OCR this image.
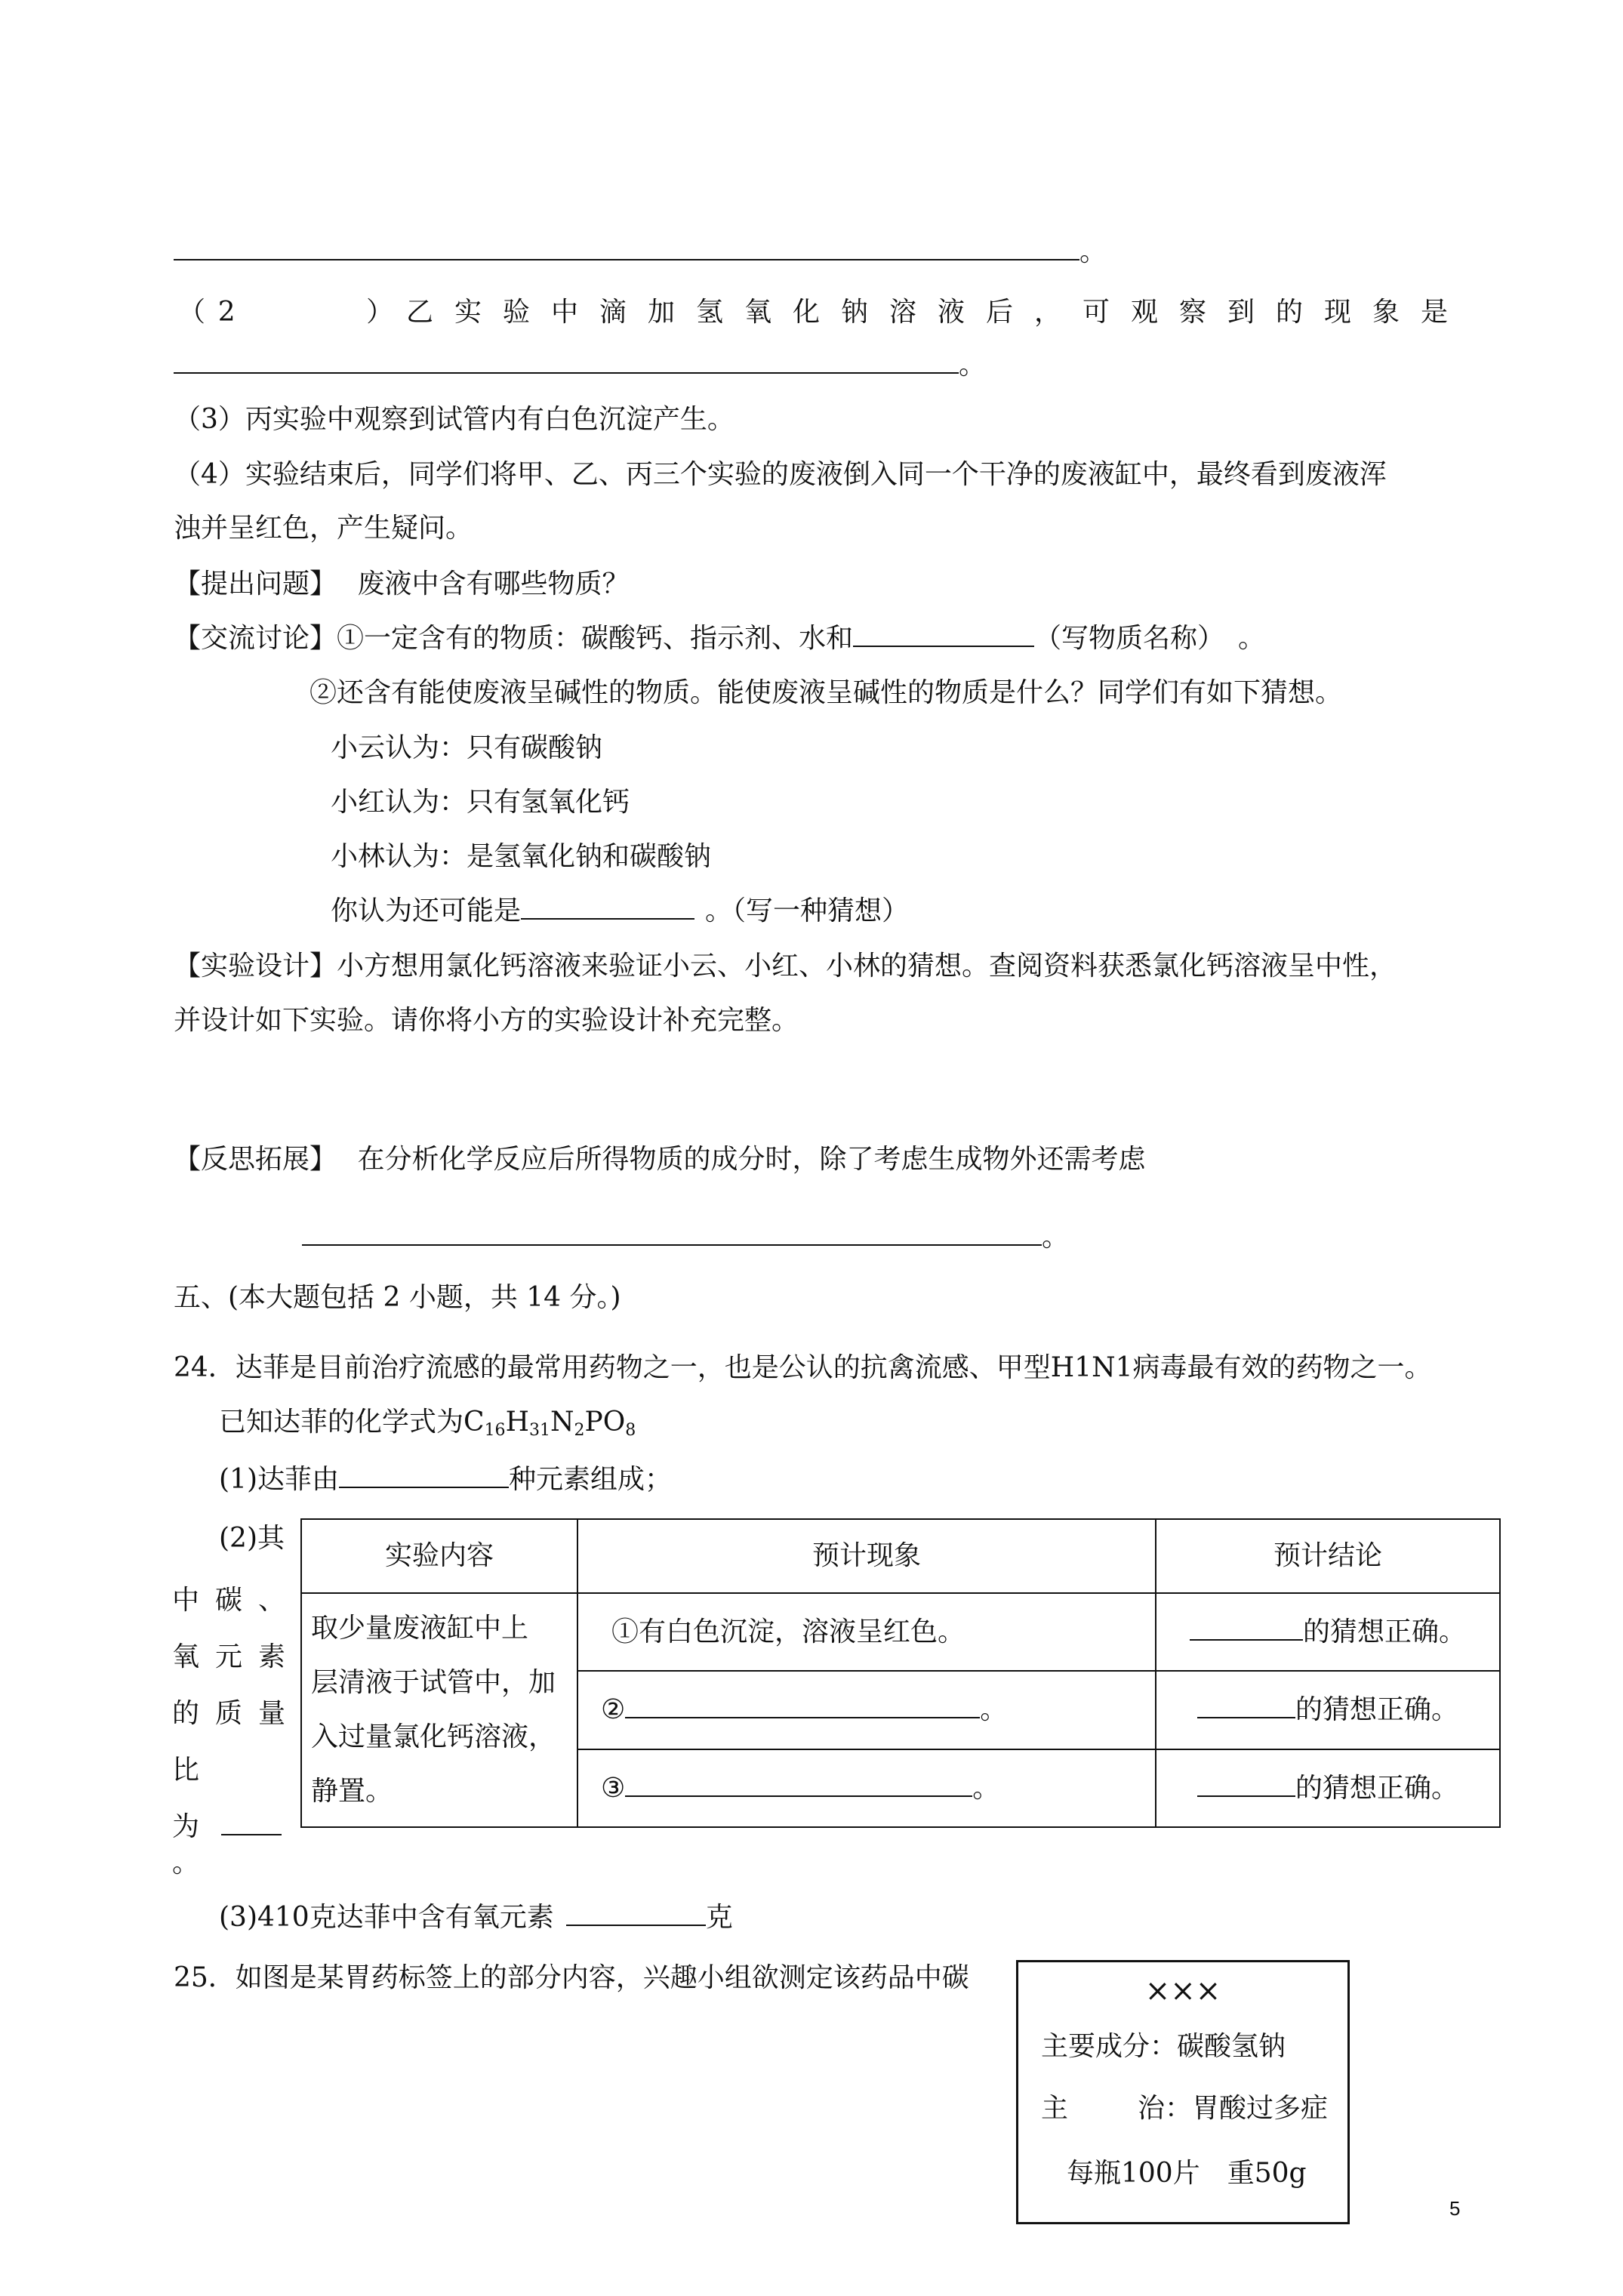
。
（ 2	） 乙实验中滴加氢氧化钠溶液后，可观察到的现象是
。
（3）丙实验中观察到试管内有白色沉淀产生。
（4）实验结束后，同学们将甲、乙、丙三个实验的废液倒入同一个干净的废液缸中，最终看到废液浑
浊并呈红色，产生疑问。
【提出问题】 废液中含有哪些物质？
【交流讨论】①一定含有的物质：碳酸钙、指示剂、水和	（写物质名称） 。
②还含有能使废液呈碱性的物质。能使废液呈碱性的物质是什么？同学们有如下猜想。
小云认为：只有碳酸钠
小红认为：只有氢氧化钙
小林认为：是氢氧化钠和碳酸钠
你认为还可能是	。（写一种猜想）
【实验设计】小方想用氯化钙溶液来验证小云、小红、小林的猜想。查阅资料获悉氯化钙溶液呈中性，
并设计如下实验。请你将小方的实验设计补充完整。
【反思拓展】 在分析化学反应后所得物质的成分时，除了考虑生成物外还需考虑
。
五、(本大题包括 2 小题，共 14 分。)
24．达菲是目前治疗流感的最常用药物之一，也是公认的抗禽流感、甲型H1N1病毒最有效的药物之一。
已知达菲的化学式为$C_{16}H_{31}N_2PO_8$
(1)达菲由	种元素组成；
(2)其
中 碳 、
氧 元 素
的 质 量
比
为
。
实验内容	预计现象	预计结论

取少量废液缸中上
层清液于试管中，加
入过量氯化钙溶液，
静置。	①有白色沉淀，溶液呈红色。	的猜想正确。
	② 。	的猜想正确。
	③ 。	的猜想正确。
(3)410克达菲中含有氧元素	克
25．如图是某胃药标签上的部分内容，兴趣小组欲测定该药品中碳	×××
主要成分：碳酸氢钠
主	治：胃酸过多症
每瓶100片　重50g
5
